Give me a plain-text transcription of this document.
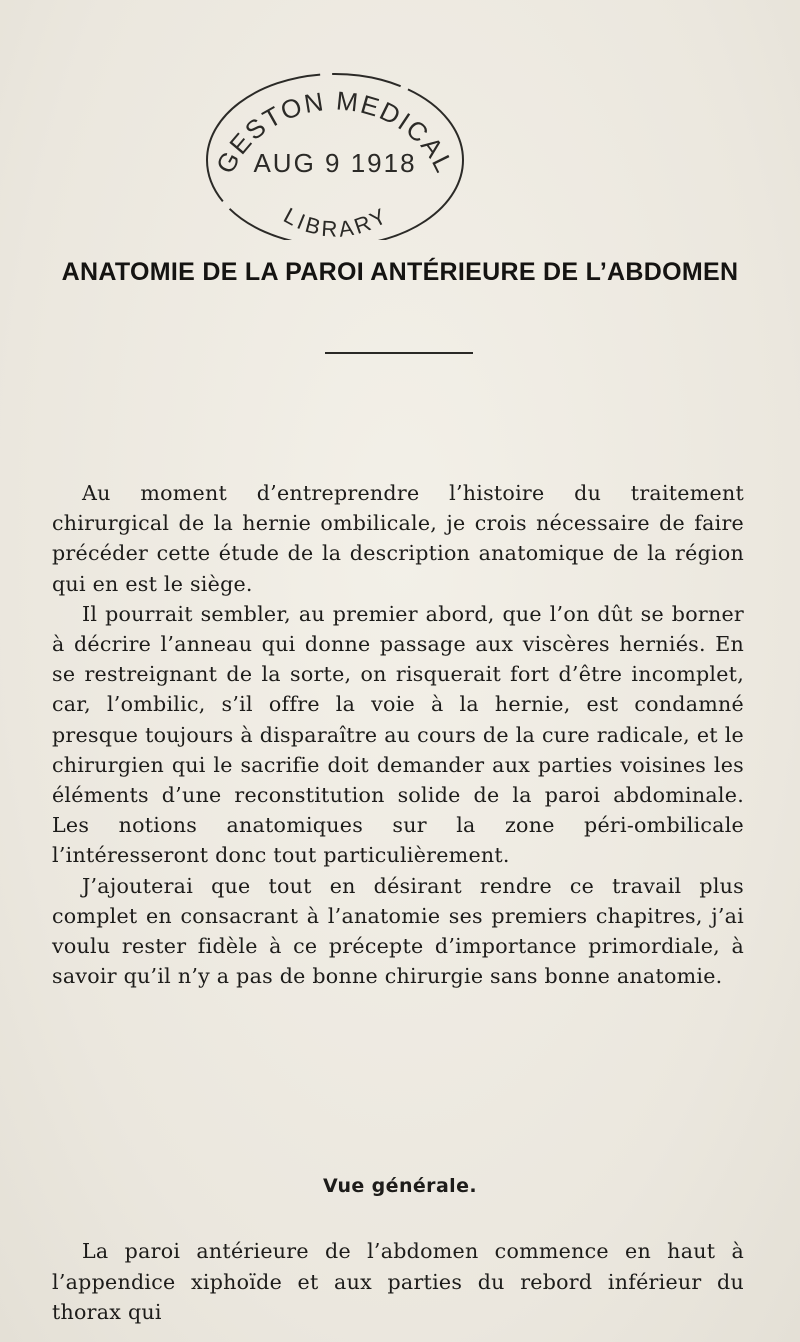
GESTON MEDICAL
AUG 9 1918
LIBRARY
ANATOMIE DE LA PAROI ANTÉRIEURE DE L’ABDOMEN

Au moment d’entreprendre l’histoire du traitement chirurgical de la hernie ombilicale, je crois nécessaire de faire précéder cette étude de la description anatomique de la région qui en est le siège.

Il pourrait sembler, au premier abord, que l’on dût se borner à décrire l’anneau qui donne passage aux viscères herniés. En se restreignant de la sorte, on risquerait fort d’être incomplet, car, l’ombilic, s’il offre la voie à la hernie, est condamné presque toujours à disparaître au cours de la cure radicale, et le chirurgien qui le sacrifie doit demander aux parties voisines les éléments d’une reconstitution solide de la paroi abdominale. Les notions anatomiques sur la zone péri-ombilicale l’intéresseront donc tout particulièrement.

J’ajouterai que tout en désirant rendre ce travail plus complet en consacrant à l’anatomie ses premiers chapitres, j’ai voulu rester fidèle à ce précepte d’importance primordiale, à savoir qu’il n’y a pas de bonne chirurgie sans bonne anatomie.

Vue générale.

La paroi antérieure de l’abdomen commence en haut à l’appendice xiphoïde et aux parties du rebord inférieur du thorax qui
